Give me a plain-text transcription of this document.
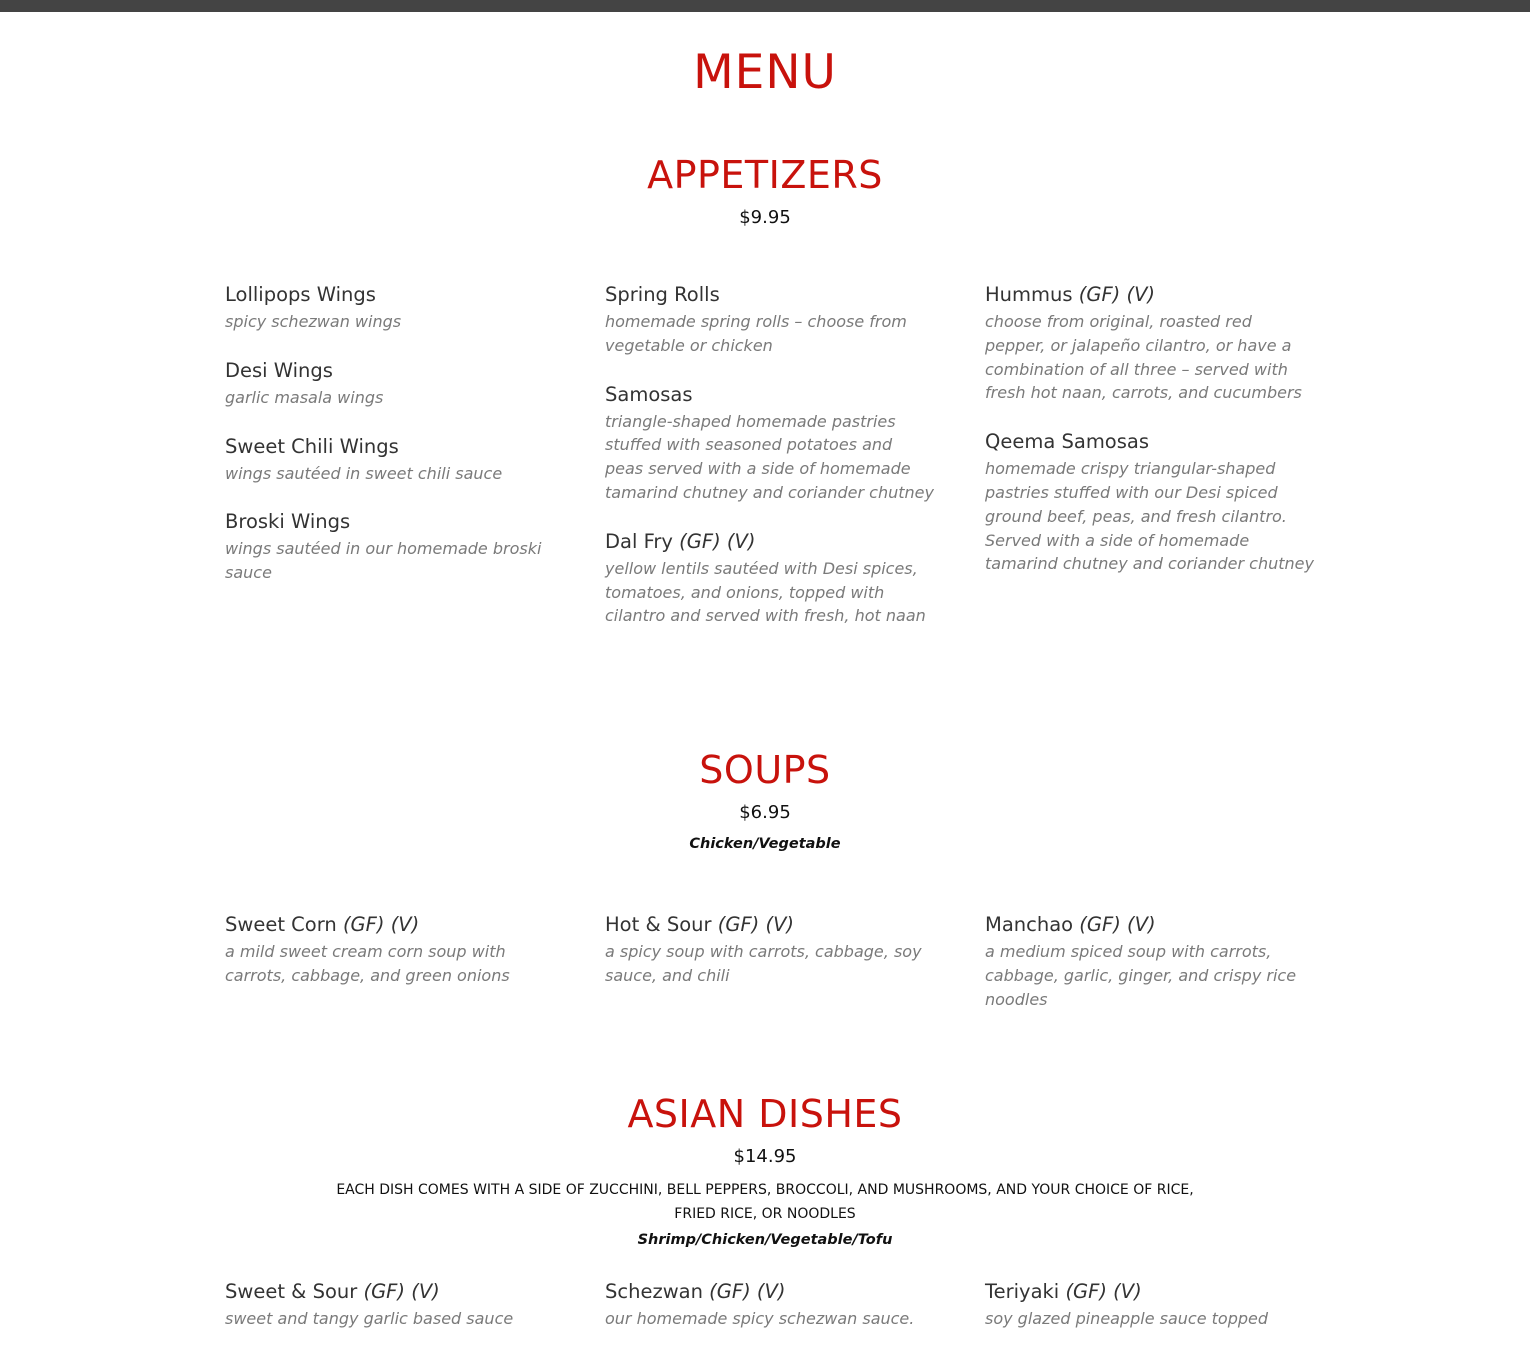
MENU
APPETIZERS
$9.95
Lollipops Wings
spicy schezwan wings
Desi Wings
garlic masala wings
Sweet Chili Wings
wings sautéed in sweet chili sauce
Broski Wings
wings sautéed in our homemade broski sauce
Spring Rolls
homemade spring rolls – choose from vegetable or chicken
Samosas
triangle-shaped homemade pastries stuffed with seasoned potatoes and peas served with a side of homemade tamarind chutney and coriander chutney
Dal Fry (GF) (V)
yellow lentils sautéed with Desi spices, tomatoes, and onions, topped with cilantro and served with fresh, hot naan
Hummus (GF) (V)
choose from original, roasted red pepper, or jalapeño cilantro, or have a combination of all three – served with fresh hot naan, carrots, and cucumbers
Qeema Samosas
homemade crispy triangular-shaped pastries stuffed with our Desi spiced ground beef, peas, and fresh cilantro. Served with a side of homemade tamarind chutney and coriander chutney
SOUPS
$6.95
Chicken/Vegetable
Sweet Corn (GF) (V)
a mild sweet cream corn soup with carrots, cabbage, and green onions
Hot & Sour (GF) (V)
a spicy soup with carrots, cabbage, soy sauce, and chili
Manchao (GF) (V)
a medium spiced soup with carrots, cabbage, garlic, ginger, and crispy rice noodles
ASIAN DISHES
$14.95
EACH DISH COMES WITH A SIDE OF ZUCCHINI, BELL PEPPERS, BROCCOLI, AND MUSHROOMS, AND YOUR CHOICE OF RICE,
FRIED RICE, OR NOODLES
Shrimp/Chicken/Vegetable/Tofu
Sweet & Sour (GF) (V)
sweet and tangy garlic based sauce
Schezwan (GF) (V)
our homemade spicy schezwan sauce.
Teriyaki (GF) (V)
soy glazed pineapple sauce topped
